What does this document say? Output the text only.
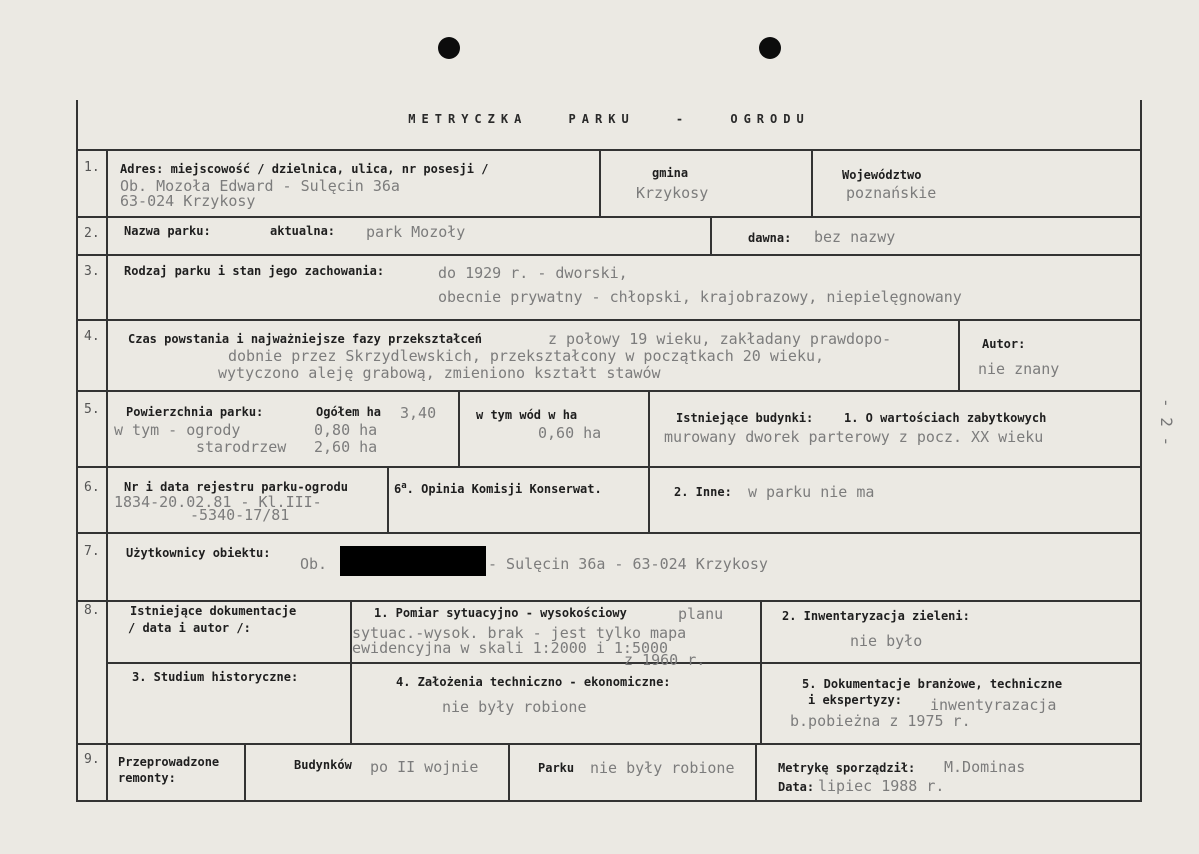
- 2 -
METRYCZKA PARKU - OGRODU
1. Adres: miejscowość / dzielnica, ulica, nr posesji /
Ob. Mozoła Edward - Sulęcin 36a
63-024 Krzykosy
gmina
Krzykosy
Województwo
poznańskie
2. Nazwa parku:	aktualna: park Mozoły	dawna: bez nazwy
3. Rodzaj parku i stan jego zachowania:	do 1929 r. - dworski,
obecnie prywatny - chłopski, krajobrazowy, niepielęgnowany
4. Czas powstania i najważniejsze fazy przekształceń	z połowy 19 wieku, zakładany prawdopo-
dobnie przez Skrzydlewskich, przekształcony w początkach 20 wieku,
wytyczono aleję grabową, zmieniono kształt stawów
Autor:
nie znany
5. Powierzchnia parku:	Ogółem ha 3,40
w tym - ogrody	0,80 ha
starodrzew 2,60 ha
w tym wód w ha
0,60 ha
Istniejące budynki:	1. O wartościach zabytkowych
murowany dworek parterowy z pocz. XX wieku
6. Nr i data rejestru parku-ogrodu
1834-20.02.81 - Kl.III-
-5340-17/81
6$^a$. Opinia Komisji Konserwat.	2. Inne: w parku nie ma
7. Użytkownicy obiektu:
Ob.	- Sulęcin 36a - 63-024 Krzykosy
8.	Istniejące dokumentacje
/ data i autor /:
1. Pomiar sytuacyjno - wysokościowy	planu
sytuac.-wysok. brak - jest tylko mapa
ewidencyjna w skali 1:2000 i 1:5000
z 1960 r.
2. Inwentaryzacja zieleni:
nie było
3. Studium historyczne:	4. Założenia techniczno - ekonomiczne:
nie były robione
5. Dokumentacje branżowe, techniczne
i ekspertyzy: inwentyrazacja
b.pobieżna z 1975 r.
9. Przeprowadzone
remonty:
Budynków po II wojnie	Parku nie były robione	Metrykę sporządził: M.Dominas
Data: lipiec 1988 r.
